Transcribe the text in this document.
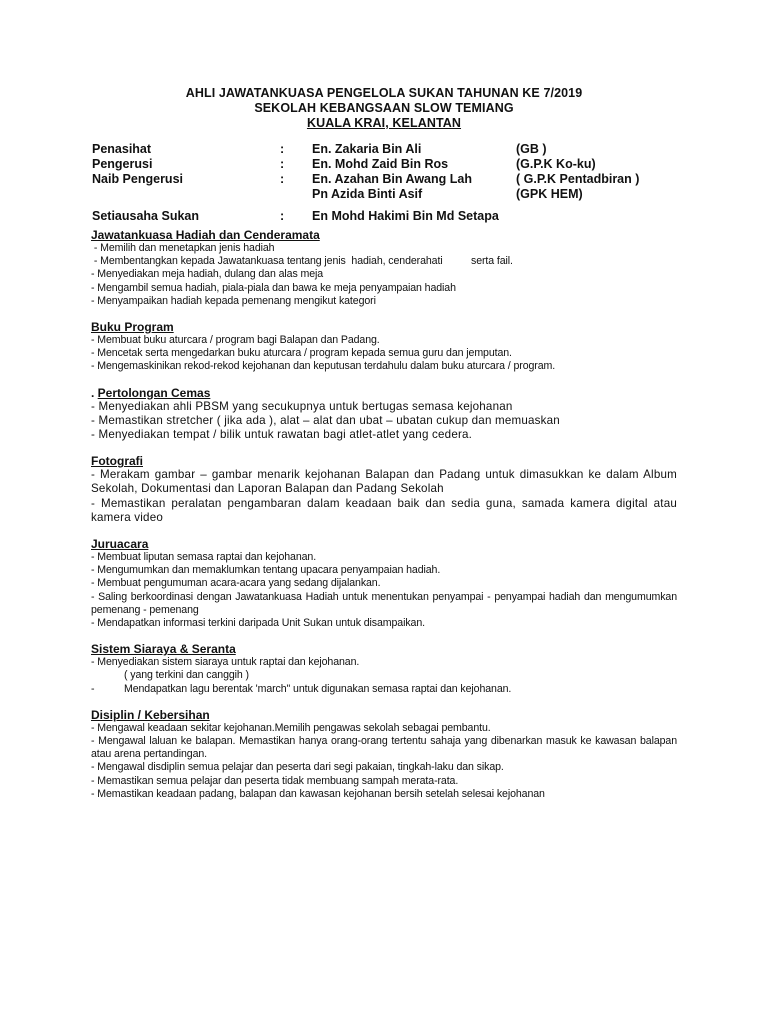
AHLI JAWATANKUASA PENGELOLA SUKAN TAHUNAN KE 7/2019
SEKOLAH KEBANGSAAN SLOW TEMIANG
KUALA KRAI, KELANTAN
Penasihat	: En. Zakaria Bin Ali	(GB )
Pengerusi	: En. Mohd Zaid Bin Ros	(G.P.K Ko-ku)
Naib Pengerusi	: En. Azahan Bin Awang Lah	( G.P.K Pentadbiran )
Pn Azida Binti Asif	(GPK HEM)
Setiausaha Sukan	: En Mohd Hakimi Bin Md Setapa
Jawatankuasa Hadiah dan Cenderamata
- Memilih dan menetapkan jenis hadiah
- Membentangkan kepada Jawatankuasa tentang jenis  hadiah, cenderahati          serta fail.
- Menyediakan meja hadiah, dulang dan alas meja
- Mengambil semua hadiah, piala-piala dan bawa ke meja penyampaian hadiah
- Menyampaikan hadiah kepada pemenang mengikut kategori
Buku Program
- Membuat buku aturcara / program bagi Balapan dan Padang.
- Mencetak serta mengedarkan buku aturcara / program kepada semua guru dan jemputan.
- Mengemaskinikan rekod-rekod kejohanan dan keputusan terdahulu dalam buku aturcara / program.
. Pertolongan Cemas
- Menyediakan ahli PBSM yang secukupnya untuk bertugas semasa kejohanan
- Memastikan stretcher ( jika ada ), alat – alat dan ubat – ubatan cukup dan memuaskan
- Menyediakan tempat / bilik untuk rawatan bagi atlet-atlet yang cedera.
Fotografi
- Merakam gambar – gambar menarik kejohanan Balapan dan Padang untuk dimasukkan ke dalam Album Sekolah, Dokumentasi dan Laporan Balapan dan Padang Sekolah
- Memastikan peralatan pengambaran dalam keadaan baik dan sedia guna, samada kamera digital atau kamera video
Juruacara
- Membuat liputan semasa raptai dan kejohanan.
- Mengumumkan dan memaklumkan tentang upacara penyampaian hadiah.
- Membuat pengumuman acara-acara yang sedang dijalankan.
- Saling berkoordinasi dengan Jawatankuasa Hadiah untuk menentukan penyampai - penyampai hadiah dan mengumumkan pemenang - pemenang
- Mendapatkan informasi terkini daripada Unit Sukan untuk disampaikan.
Sistem Siaraya & Seranta
- Menyediakan sistem siaraya untuk raptai dan kejohanan.
( yang terkini dan canggih )
-	Mendapatkan lagu berentak 'march" untuk digunakan semasa raptai dan kejohanan.
Disiplin / Kebersihan
- Mengawal keadaan sekitar kejohanan.Memilih pengawas sekolah sebagai pembantu.
- Mengawal laluan ke balapan. Memastikan hanya orang-orang tertentu sahaja yang dibenarkan masuk ke kawasan balapan atau arena pertandingan.
- Mengawal disdiplin semua pelajar dan peserta dari segi pakaian, tingkah-laku dan sikap.
- Memastikan semua pelajar dan peserta tidak membuang sampah merata-rata.
- Memastikan keadaan padang, balapan dan kawasan kejohanan bersih setelah selesai kejohanan
